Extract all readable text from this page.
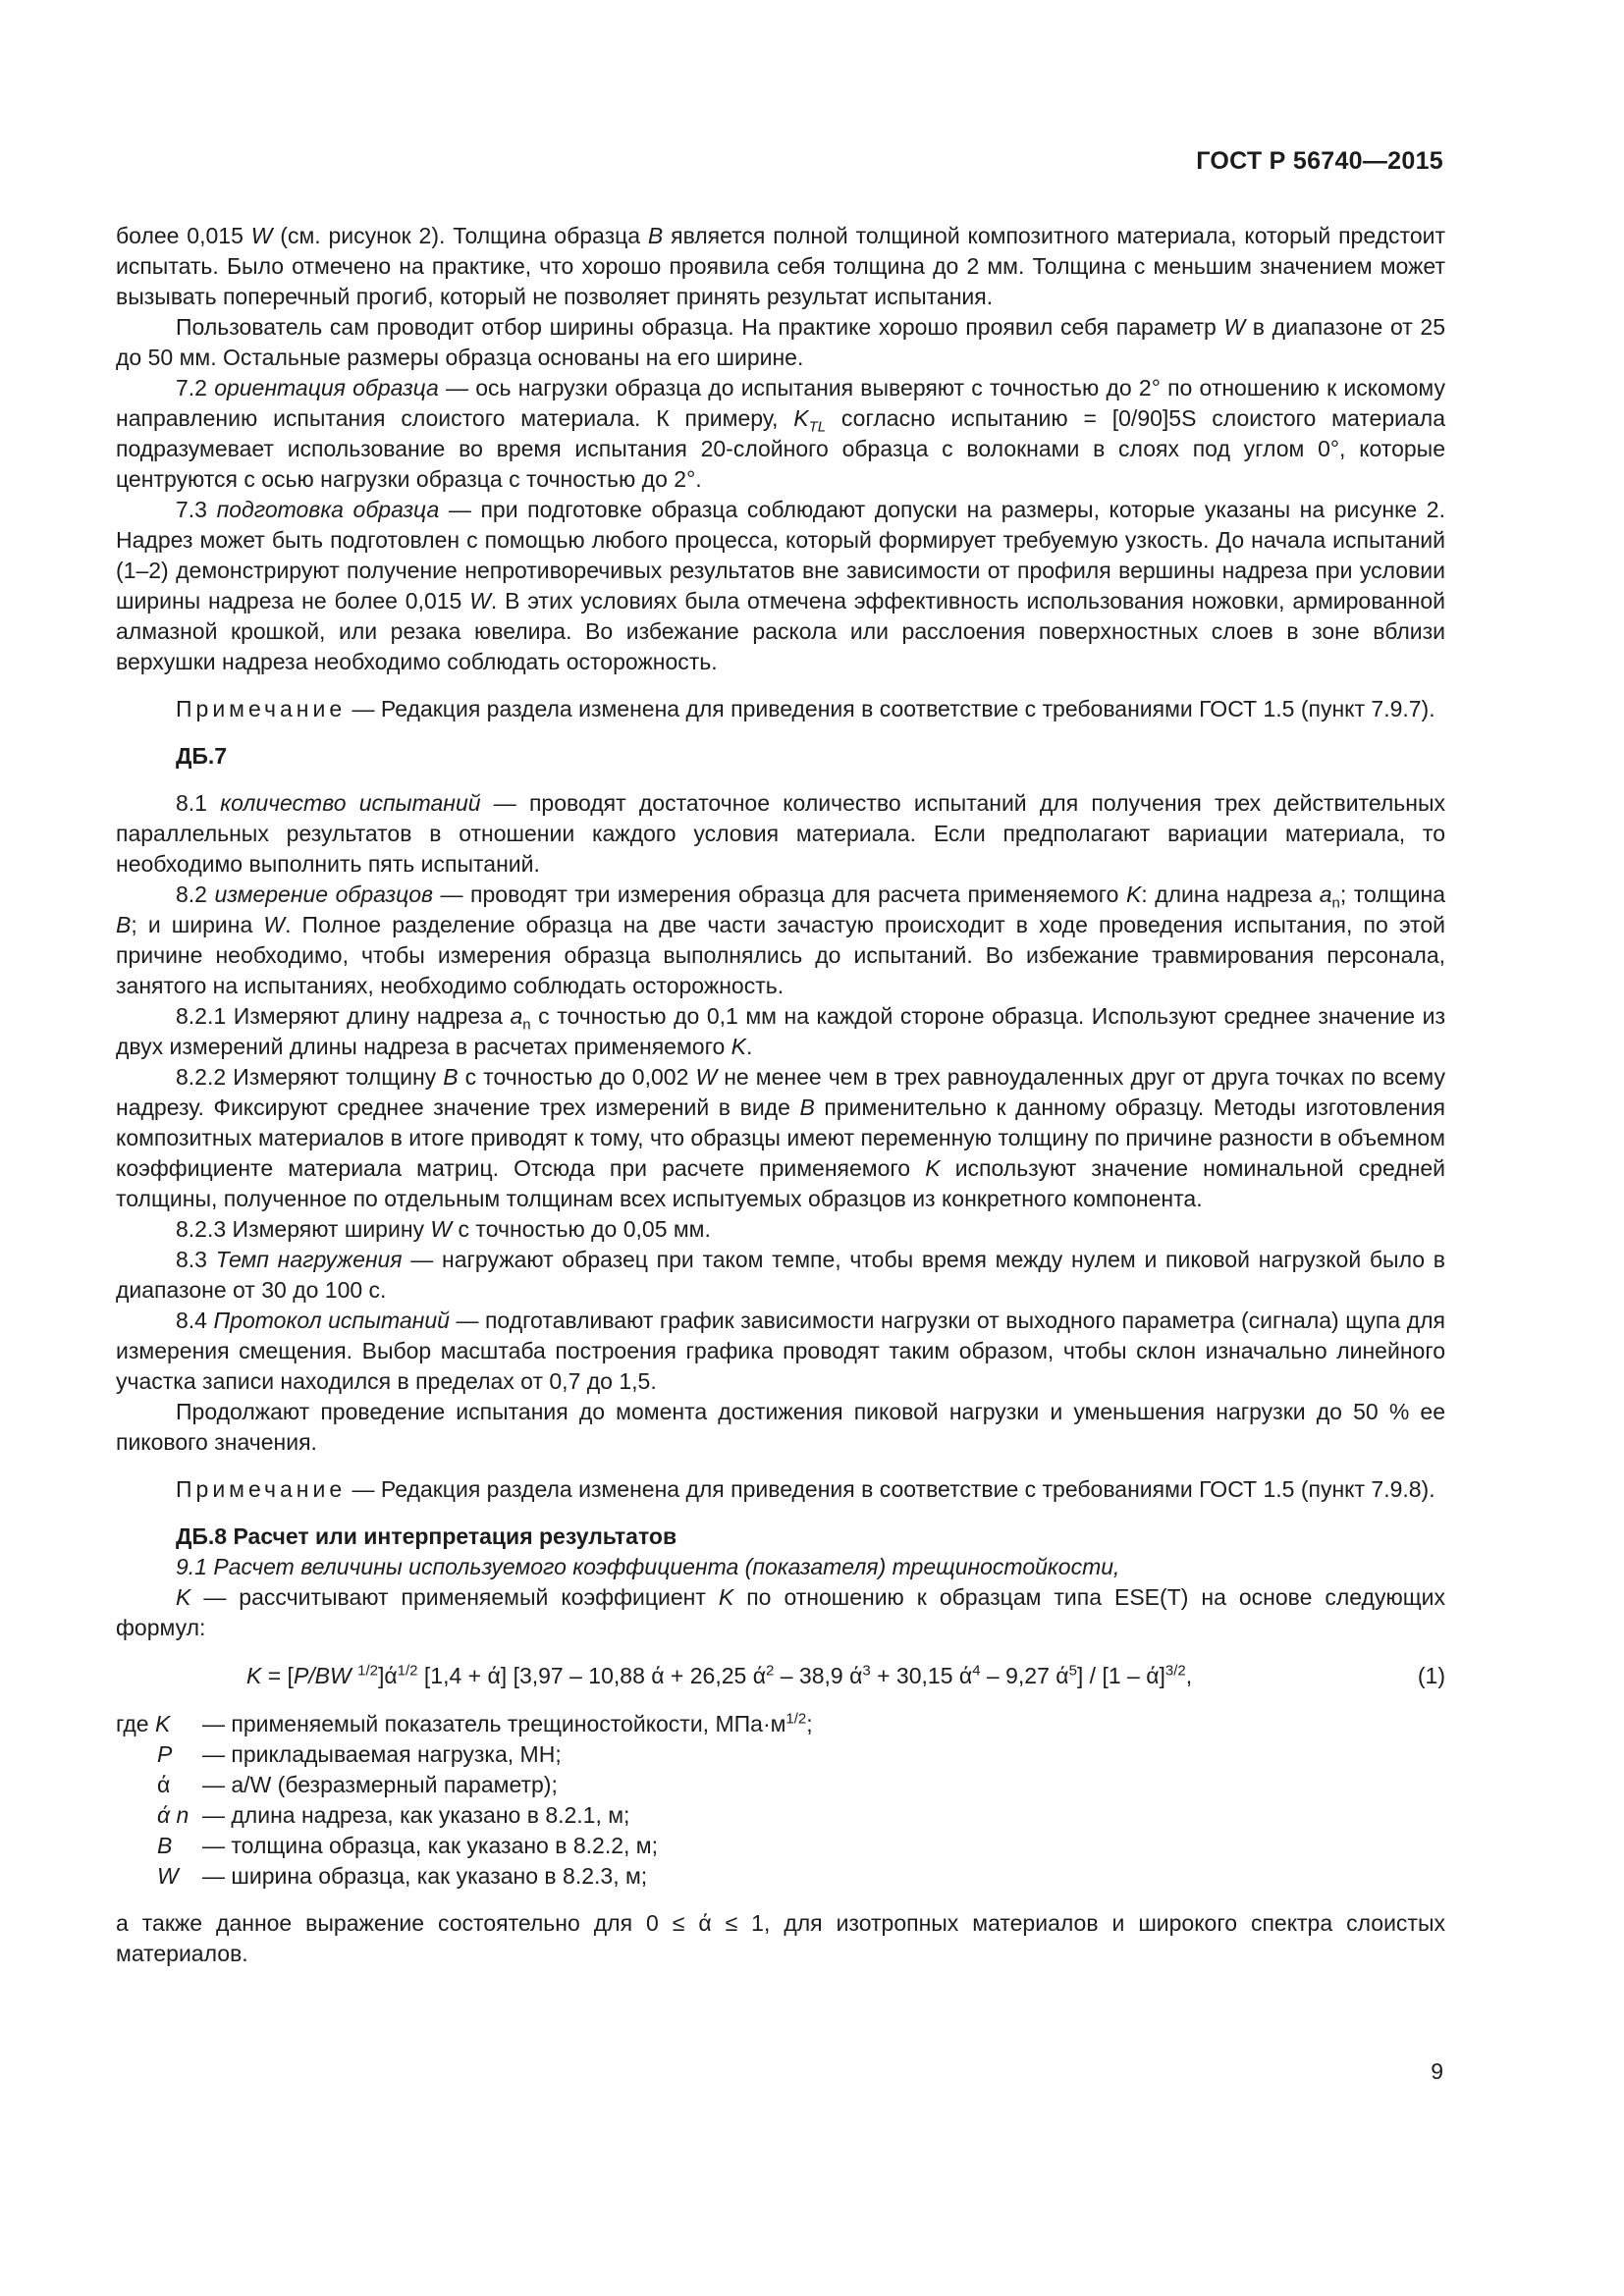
ГОСТ Р 56740—2015

более 0,015 W (см. рисунок 2). Толщина образца B является полной толщиной композитного материала, который предстоит испытать. Было отмечено на практике, что хорошо проявила себя толщина до 2 мм. Толщина с меньшим значением может вызывать поперечный прогиб, который не позволяет принять результат испытания.

Пользователь сам проводит отбор ширины образца. На практике хорошо проявил себя параметр W в диапазоне от 25 до 50 мм. Остальные размеры образца основаны на его ширине.

7.2 ориентация образца — ось нагрузки образца до испытания выверяют с точностью до 2° по отношению к искомому направлению испытания слоистого материала. К примеру, $K_{TL}$ согласно испытанию = [0/90]5S слоистого материала подразумевает использование во время испытания 20-слойного образца с волокнами в слоях под углом 0°, которые центруются с осью нагрузки образца с точностью до 2°.

7.3 подготовка образца — при подготовке образца соблюдают допуски на размеры, которые указаны на рисунке 2. Надрез может быть подготовлен с помощью любого процесса, который формирует требуемую узкость. До начала испытаний (1–2) демонстрируют получение непротиворечивых результатов вне зависимости от профиля вершины надреза при условии ширины надреза не более 0,015 W. В этих условиях была отмечена эффективность использования ножовки, армированной алмазной крошкой, или резака ювелира. Во избежание раскола или расслоения поверхностных слоев в зоне вблизи верхушки надреза необходимо соблюдать осторожность.

Примечание — Редакция раздела изменена для приведения в соответствие с требованиями ГОСТ 1.5 (пункт 7.9.7).

ДБ.7

8.1 количество испытаний — проводят достаточное количество испытаний для получения трех действительных параллельных результатов в отношении каждого условия материала. Если предполагают вариации материала, то необходимо выполнить пять испытаний.

8.2 измерение образцов — проводят три измерения образца для расчета применяемого K: длина надреза $a_n$; толщина B; и ширина W. Полное разделение образца на две части зачастую происходит в ходе проведения испытания, по этой причине необходимо, чтобы измерения образца выполнялись до испытаний. Во избежание травмирования персонала, занятого на испытаниях, необходимо соблюдать осторожность.

8.2.1 Измеряют длину надреза $a_n$ с точностью до 0,1 мм на каждой стороне образца. Используют среднее значение из двух измерений длины надреза в расчетах применяемого K.

8.2.2 Измеряют толщину B с точностью до 0,002 W не менее чем в трех равноудаленных друг от друга точках по всему надрезу. Фиксируют среднее значение трех измерений в виде B применительно к данному образцу. Методы изготовления композитных материалов в итоге приводят к тому, что образцы имеют переменную толщину по причине разности в объемном коэффициенте материала матриц. Отсюда при расчете применяемого K используют значение номинальной средней толщины, полученное по отдельным толщинам всех испытуемых образцов из конкретного компонента.

8.2.3 Измеряют ширину W с точностью до 0,05 мм.

8.3 Темп нагружения — нагружают образец при таком темпе, чтобы время между нулем и пиковой нагрузкой было в диапазоне от 30 до 100 с.

8.4 Протокол испытаний — подготавливают график зависимости нагрузки от выходного параметра (сигнала) щупа для измерения смещения. Выбор масштаба построения графика проводят таким образом, чтобы склон изначально линейного участка записи находился в пределах от 0,7 до 1,5.

Продолжают проведение испытания до момента достижения пиковой нагрузки и уменьшения нагрузки до 50 % ее пикового значения.

Примечание — Редакция раздела изменена для приведения в соответствие с требованиями ГОСТ 1.5 (пункт 7.9.8).

ДБ.8 Расчет или интерпретация результатов

9.1 Расчет величины используемого коэффициента (показателя) трещиностойкости,

K — рассчитывают применяемый коэффициент K по отношению к образцам типа ESE(T) на основе следующих формул:

K = [P/BW $^{1/2}]ά^{1/2}$ [1,4 + ά] [3,97 – 10,88 ά + 26,25 $ά^2 - 38,9$ $ά^3 + 30,15$ $ά^4 - 9,27$ $ά^5] / [1 - ά]^{3/2}$,	(1)

где K	— применяемый показатель трещиностойкости, $МПа\cdot м^{1/2}$;
P	— прикладываемая нагрузка, МН;
ά	— a/W (безразмерный параметр);
ά n — длина надреза, как указано в 8.2.1, м;
B	— толщина образца, как указано в 8.2.2, м;
W	— ширина образца, как указано в 8.2.3, м;

а также данное выражение состоятельно для 0 ≤ ά ≤ 1, для изотропных материалов и широкого спектра слоистых материалов.

9
